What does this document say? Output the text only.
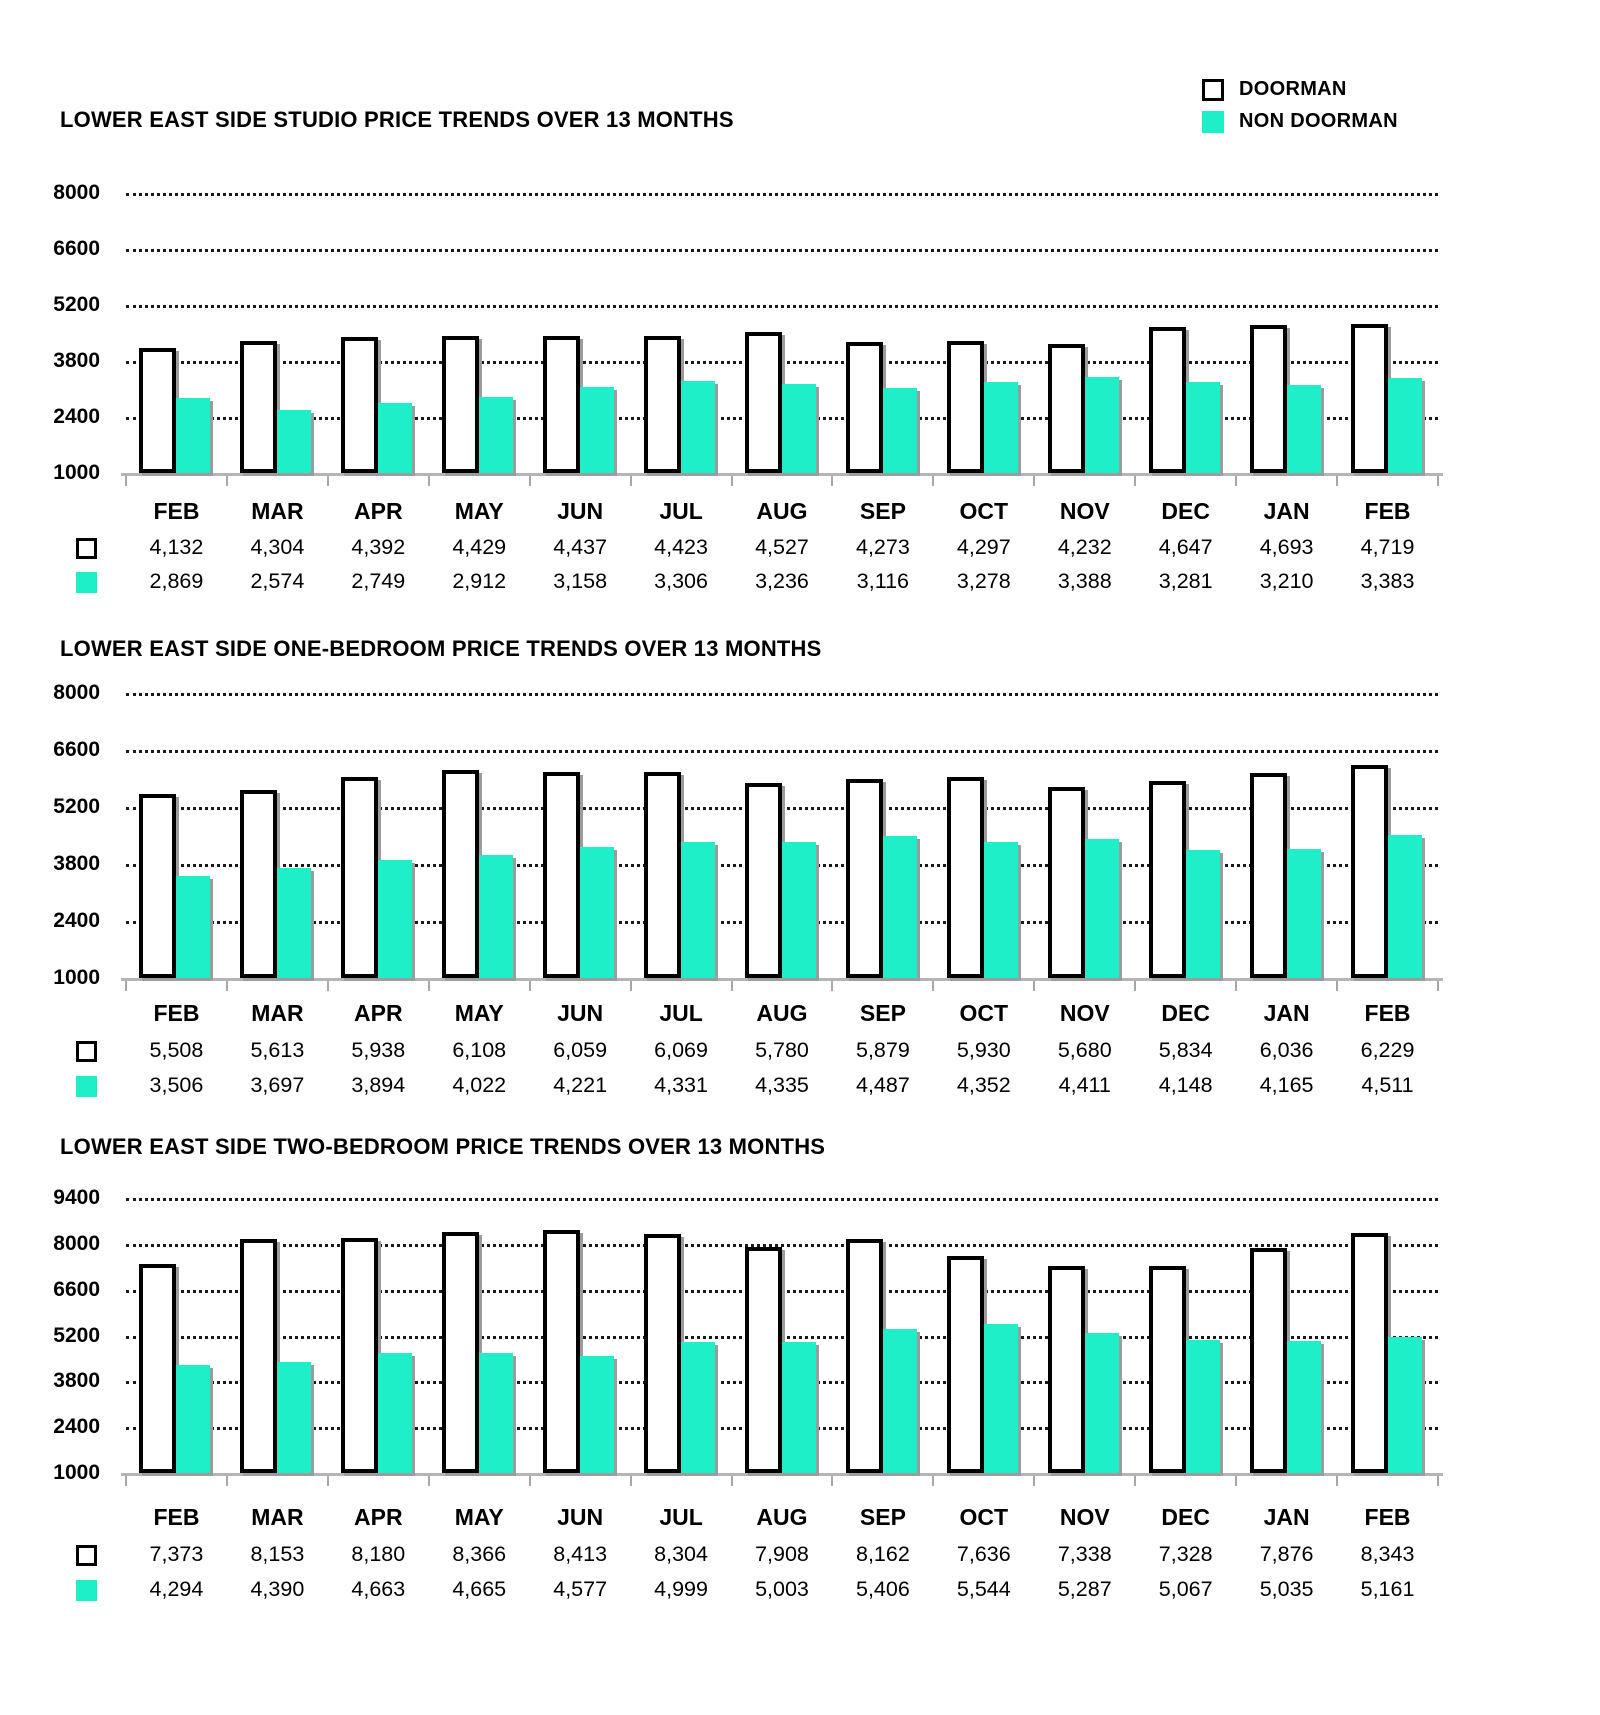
DOORMAN
NON DOORMAN
LOWER EAST SIDE STUDIO PRICE TRENDS OVER 13 MONTHS
8000
6600
5200
3800
2400
1000
FEB
4,132
2,869
MAR
4,304
2,574
APR
4,392
2,749
MAY
4,429
2,912
JUN
4,437
3,158
JUL
4,423
3,306
AUG
4,527
3,236
SEP
4,273
3,116
OCT
4,297
3,278
NOV
4,232
3,388
DEC
4,647
3,281
JAN
4,693
3,210
FEB
4,719
3,383
LOWER EAST SIDE ONE-BEDROOM PRICE TRENDS OVER 13 MONTHS
8000
6600
5200
3800
2400
1000
FEB
5,508
3,506
MAR
5,613
3,697
APR
5,938
3,894
MAY
6,108
4,022
JUN
6,059
4,221
JUL
6,069
4,331
AUG
5,780
4,335
SEP
5,879
4,487
OCT
5,930
4,352
NOV
5,680
4,411
DEC
5,834
4,148
JAN
6,036
4,165
FEB
6,229
4,511
LOWER EAST SIDE TWO-BEDROOM PRICE TRENDS OVER 13 MONTHS
9400
8000
6600
5200
3800
2400
1000
FEB
7,373
4,294
MAR
8,153
4,390
APR
8,180
4,663
MAY
8,366
4,665
JUN
8,413
4,577
JUL
8,304
4,999
AUG
7,908
5,003
SEP
8,162
5,406
OCT
7,636
5,544
NOV
7,338
5,287
DEC
7,328
5,067
JAN
7,876
5,035
FEB
8,343
5,161
